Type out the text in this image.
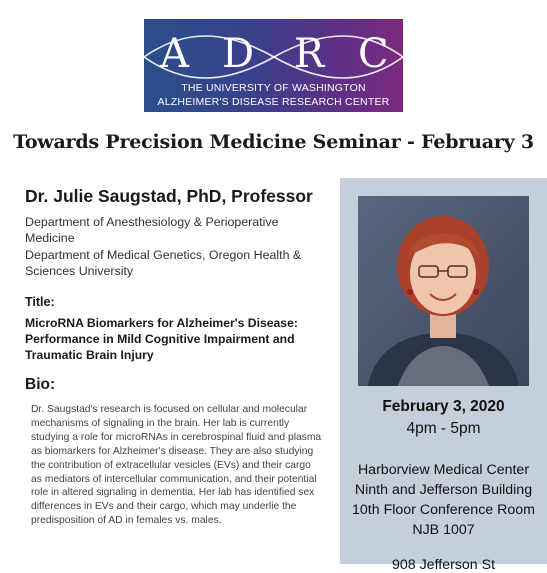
A D R C
THE UNIVERSITY OF WASHINGTON
ALZHEIMER'S DISEASE RESEARCH CENTER
Towards Precision Medicine Seminar - February 3
Dr. Julie Saugstad, PhD, Professor
Department of Anesthesiology & Perioperative Medicine
Department of Medical Genetics, Oregon Health & Sciences University
Title:
MicroRNA Biomarkers for Alzheimer's Disease: Performance in Mild Cognitive Impairment and Traumatic Brain Injury
Bio:
Dr. Saugstad's research is focused on cellular and molecular mechanisms of signaling in the brain. Her lab is currently studying a role for microRNAs in cerebrospinal fluid and plasma as biomarkers for Alzheimer's disease. They are also studying the contribution of extracellular vesicles (EVs) and their cargo as mediators of intercellular communication, and their potential role in altered signaling in dementia. Her lab has identified sex differences in EVs and their cargo, which may underlie the predisposition of AD in females vs. males.
February 3, 2020
4pm - 5pm
Harborview Medical Center
Ninth and Jefferson Building
10th Floor Conference Room
NJB 1007
908 Jefferson St
